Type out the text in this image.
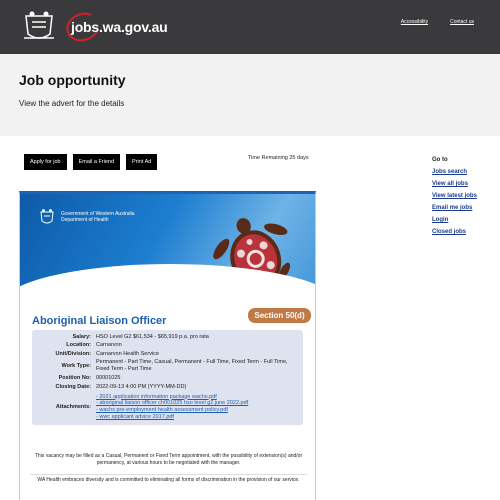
jobs.wa.gov.au	Accessibility	Contact us
Job opportunity

View the advert for the details

Apply for job	Email a Friend	Print Ad
Time Remaining 25 days	Go to
Jobs search
View all jobs
View latest jobs
Email me jobs
Login
Closed jobs
Government of Western Australia
Department of Health
Section 50(d)
Aboriginal Liaison Officer
Salary: HSO Level G2 $61,534 - $65,919 p.a. pro rata
Location: Carnarvon
Unit/Division: Carnarvon Health Service
Work Type:
Permanent - Part Time, Casual, Permanent - Full Time, Fixed Term - Full Time, Fixed Term - Part Time
Position No: 00001025
Closing Date: 2022-09-13 4:00 PM (YYYY-MM-DD)
Attachments:
- 2021 application information package wachs.pdf
- aboriginal liaison officer ch001025 hso level g2 june 2022.pdf
- wachs pre-employment health assessment policy.pdf
- wwc applicant advice 2017.pdf
This vacancy may be filled as a Casual, Permanent or Fixed Term appointment, with the possibility of extension(s) and/or permanency, at various hours to be negotiated with the manager.
WA Health embraces diversity and is committed to eliminating all forms of discrimination in the provision of our service.
